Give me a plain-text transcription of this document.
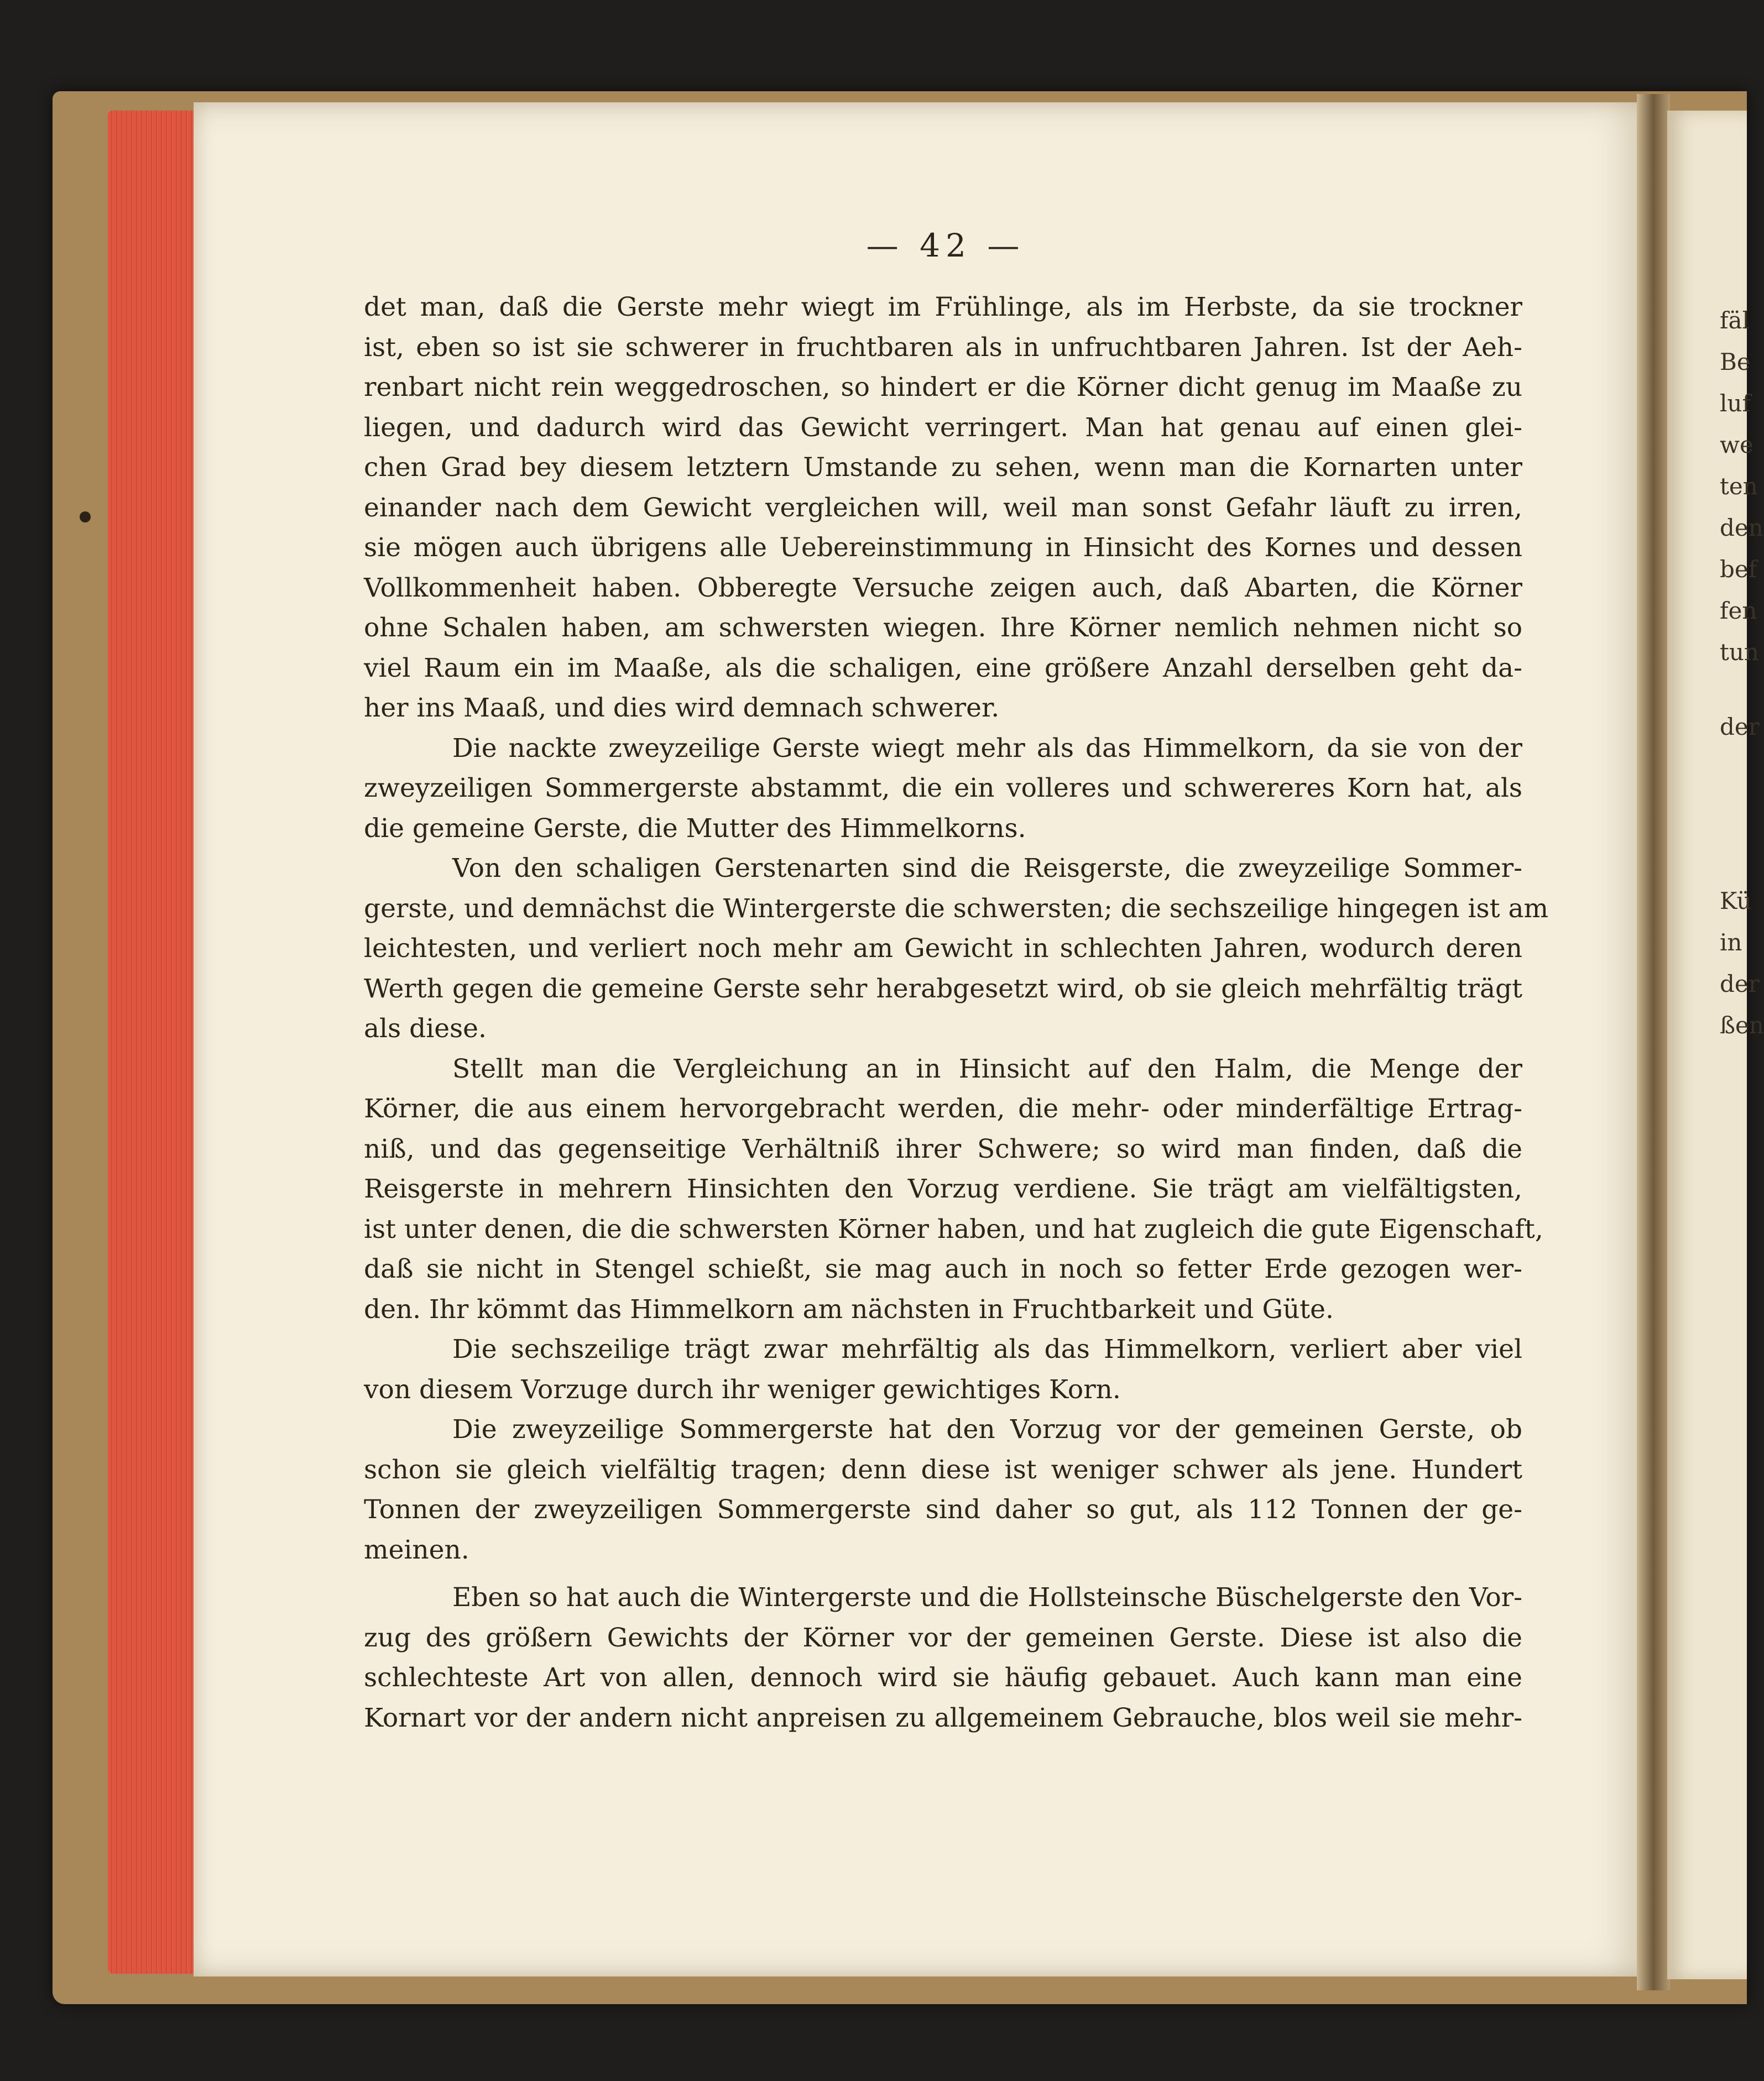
fäl
Be
luf
we
ten
den
bef
fen
tun
der
Kü
in
der
ßen
— 42 —
det man, daß die Gerste mehr wiegt im Frühlinge, als im Herbste, da sie trockner
ist, eben so ist sie schwerer in fruchtbaren als in unfruchtbaren Jahren. Ist der Aeh-
renbart nicht rein weggedroschen, so hindert er die Körner dicht genug im Maaße zu
liegen, und dadurch wird das Gewicht verringert. Man hat genau auf einen glei-
chen Grad bey diesem letztern Umstande zu sehen, wenn man die Kornarten unter
einander nach dem Gewicht vergleichen will, weil man sonst Gefahr läuft zu irren,
sie mögen auch übrigens alle Uebereinstimmung in Hinsicht des Kornes und dessen
Vollkommenheit haben. Obberegte Versuche zeigen auch, daß Abarten, die Körner
ohne Schalen haben, am schwersten wiegen. Ihre Körner nemlich nehmen nicht so
viel Raum ein im Maaße, als die schaligen, eine größere Anzahl derselben geht da-
her ins Maaß, und dies wird demnach schwerer.
Die nackte zweyzeilige Gerste wiegt mehr als das Himmelkorn, da sie von der
zweyzeiligen Sommergerste abstammt, die ein volleres und schwereres Korn hat, als
die gemeine Gerste, die Mutter des Himmelkorns.
Von den schaligen Gerstenarten sind die Reisgerste, die zweyzeilige Sommer-
gerste, und demnächst die Wintergerste die schwersten; die sechszeilige hingegen ist am
leichtesten, und verliert noch mehr am Gewicht in schlechten Jahren, wodurch deren
Werth gegen die gemeine Gerste sehr herabgesetzt wird, ob sie gleich mehrfältig trägt
als diese.
Stellt man die Vergleichung an in Hinsicht auf den Halm, die Menge der
Körner, die aus einem hervorgebracht werden, die mehr- oder minderfältige Ertrag-
niß, und das gegenseitige Verhältniß ihrer Schwere; so wird man finden, daß die
Reisgerste in mehrern Hinsichten den Vorzug verdiene. Sie trägt am vielfältigsten,
ist unter denen, die die schwersten Körner haben, und hat zugleich die gute Eigenschaft,
daß sie nicht in Stengel schießt, sie mag auch in noch so fetter Erde gezogen wer-
den. Ihr kömmt das Himmelkorn am nächsten in Fruchtbarkeit und Güte.
Die sechszeilige trägt zwar mehrfältig als das Himmelkorn, verliert aber viel
von diesem Vorzuge durch ihr weniger gewichtiges Korn.
Die zweyzeilige Sommergerste hat den Vorzug vor der gemeinen Gerste, ob
schon sie gleich vielfältig tragen; denn diese ist weniger schwer als jene. Hundert
Tonnen der zweyzeiligen Sommergerste sind daher so gut, als 112 Tonnen der ge-
meinen.
Eben so hat auch die Wintergerste und die Hollsteinsche Büschelgerste den Vor-
zug des größern Gewichts der Körner vor der gemeinen Gerste. Diese ist also die
schlechteste Art von allen, dennoch wird sie häufig gebauet. Auch kann man eine
Kornart vor der andern nicht anpreisen zu allgemeinem Gebrauche, blos weil sie mehr-
